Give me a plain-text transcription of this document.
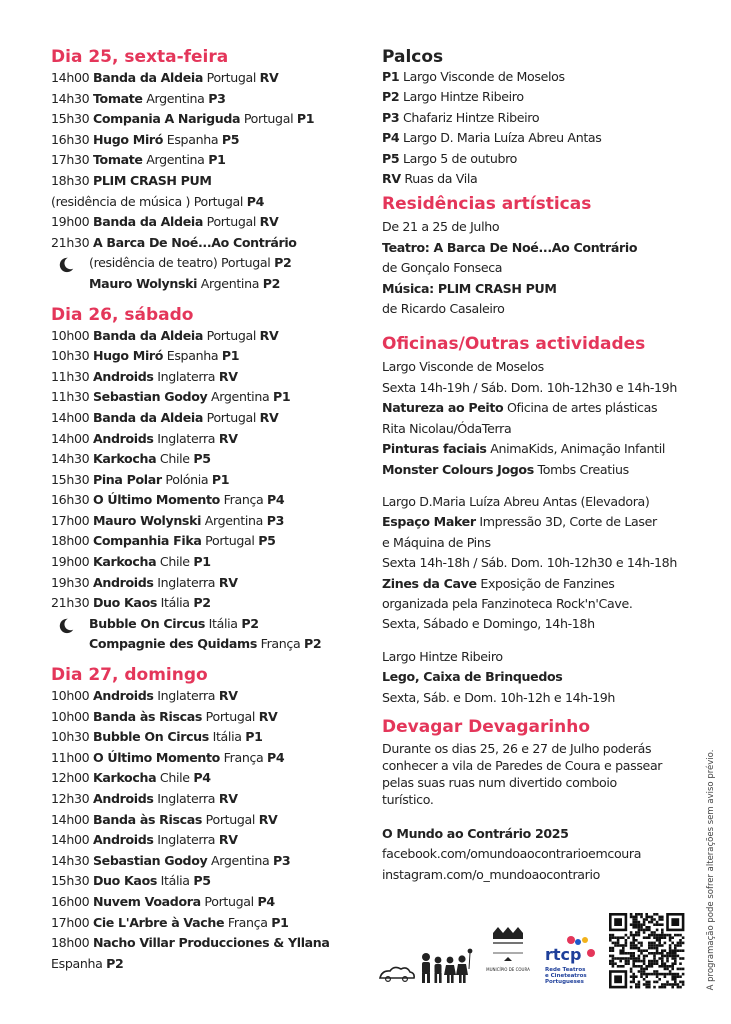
Dia 25, sexta-feira
14h00 Banda da Aldeia Portugal RV
14h30 Tomate Argentina P3
15h30 Compania A Nariguda Portugal P1
16h30 Hugo Miró Espanha P5
17h30 Tomate Argentina P1
18h30 PLIM CRASH PUM
(residência de música ) Portugal P4
19h00 Banda da Aldeia Portugal RV
21h30 A Barca De Noé...Ao Contrário
(residência de teatro) Portugal P2
Mauro Wolynski Argentina P2
Dia 26, sábado
10h00 Banda da Aldeia Portugal RV
10h30 Hugo Miró Espanha P1
11h30 Androids Inglaterra RV
11h30 Sebastian Godoy Argentina P1
14h00 Banda da Aldeia Portugal RV
14h00 Androids Inglaterra RV
14h30 Karkocha Chile P5
15h30 Pina Polar Polónia P1
16h30 O Último Momento França P4
17h00 Mauro Wolynski Argentina P3
18h00 Companhia Fika Portugal P5
19h00 Karkocha Chile P1
19h30 Androids Inglaterra RV
21h30 Duo Kaos Itália P2
Bubble On Circus Itália P2
Compagnie des Quidams França P2
Dia 27, domingo
10h00 Androids Inglaterra RV
10h00 Banda às Riscas Portugal RV
10h30 Bubble On Circus Itália P1
11h00 O Último Momento França P4
12h00 Karkocha Chile P4
12h30 Androids Inglaterra RV
14h00 Banda às Riscas Portugal RV
14h00 Androids Inglaterra RV
14h30 Sebastian Godoy Argentina P3
15h30 Duo Kaos Itália P5
16h00 Nuvem Voadora Portugal P4
17h00 Cie L'Arbre à Vache França P1
18h00 Nacho Villar Producciones & Yllana
Espanha P2
Palcos
P1 Largo Visconde de Moselos
P2 Largo Hintze Ribeiro
P3 Chafariz Hintze Ribeiro
P4 Largo D. Maria Luíza Abreu Antas
P5 Largo 5 de outubro
RV Ruas da Vila
Residências artísticas
De 21 a 25 de Julho
Teatro: A Barca De Noé...Ao Contrário
de Gonçalo Fonseca
Música: PLIM CRASH PUM
de Ricardo Casaleiro
Oficinas/Outras actividades
Largo Visconde de Moselos
Sexta 14h-19h / Sáb. Dom. 10h-12h30 e 14h-19h
Natureza ao Peito Oficina de artes plásticas
Rita Nicolau/ÓdaTerra
Pinturas faciais AnimaKids, Animação Infantil
Monster Colours Jogos Tombs Creatius
Largo D.Maria Luíza Abreu Antas (Elevadora)
Espaço Maker Impressão 3D, Corte de Laser
e Máquina de Pins
Sexta 14h-18h / Sáb. Dom. 10h-12h30 e 14h-18h
Zines da Cave Exposição de Fanzines
organizada pela Fanzinoteca Rock'n'Cave.
Sexta, Sábado e Domingo, 14h-18h
Largo Hintze Ribeiro
Lego, Caixa de Brinquedos
Sexta, Sáb. e Dom. 10h-12h e 14h-19h
Devagar Devagarinho
Durante os dias 25, 26 e 27 de Julho poderás
conhecer a vila de Paredes de Coura e passear
pelas suas ruas num divertido comboio
turístico.
O Mundo ao Contrário 2025
facebook.com/omundoaocontrarioemcoura
instagram.com/o_mundoaocontrario
MUNICÍPIO DE COURA
rtcp
Rede Teatros
e Cineteatros
Portugueses	A programação pode sofrer alterações sem aviso prévio.
